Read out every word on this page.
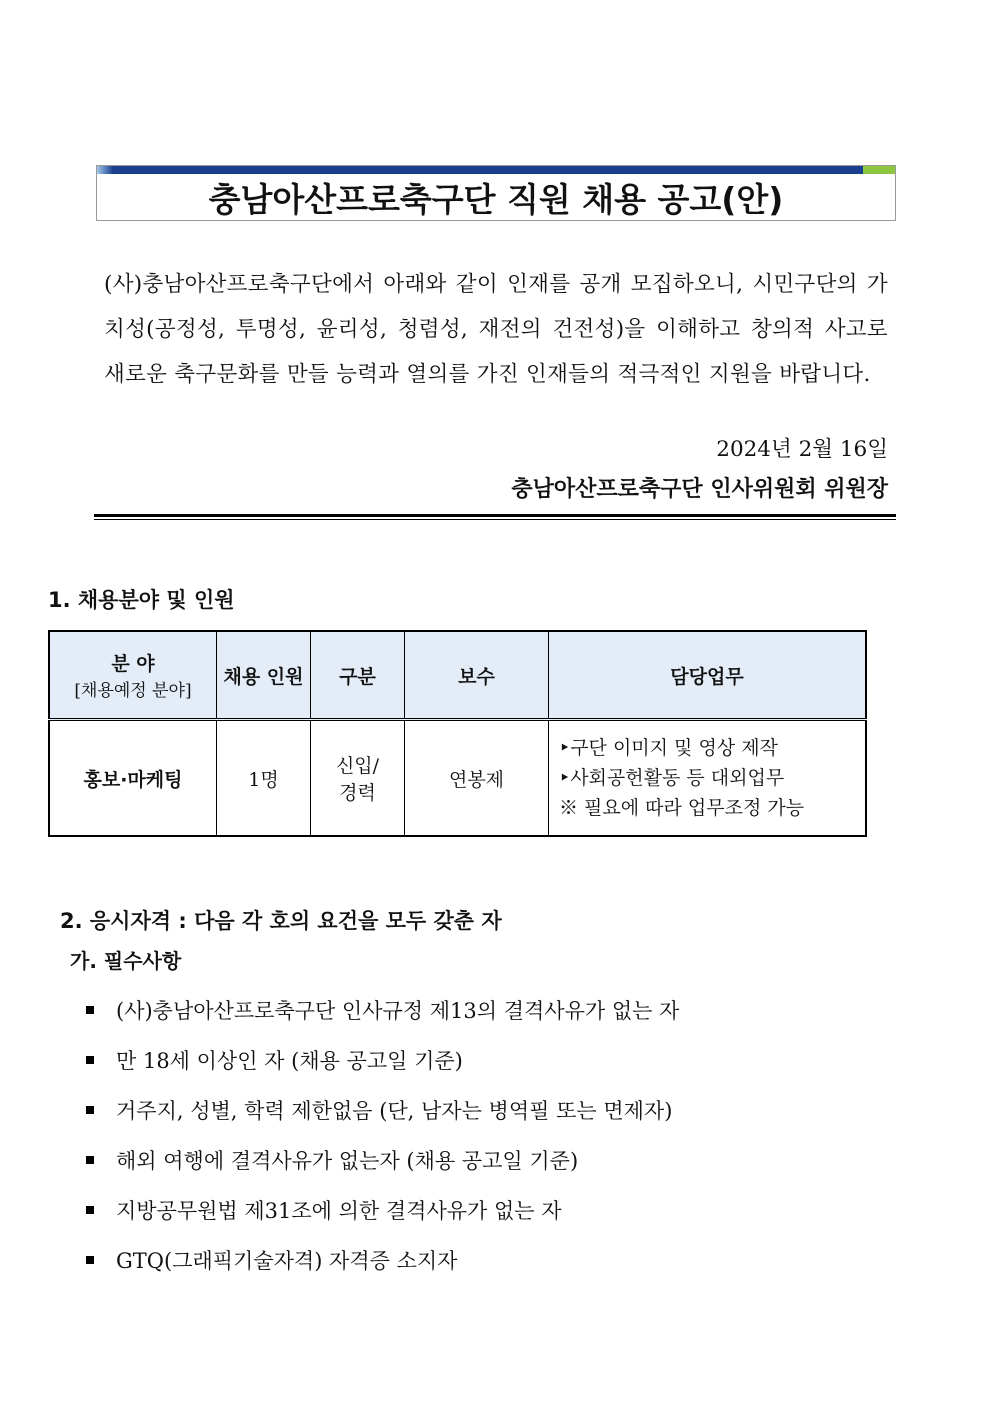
충남아산프로축구단 직원 채용 공고(안)
(사)충남아산프로축구단에서 아래와 같이 인재를 공개 모집하오니, 시민구단의 가치성(공정성, 투명성, 윤리성, 청렴성, 재전의 건전성)을 이해하고 창의적 사고로 새로운 축구문화를 만들 능력과 열의를 가진 인재들의 적극적인 지원을 바랍니다.
2024년 2월 16일
충남아산프로축구단 인사위원회 위원장
1. 채용분야 및 인원
분 야
[채용예정 분야]	채용 인원	구분	보수	담당업무
홍보·마케팅	1명	신입/ 경력	연봉제	‣구단 이미지 및 영상 제작
‣사회공헌활동 등 대외업무
※ 필요에 따라 업무조정 가능
2. 응시자격 : 다음 각 호의 요건을 모두 갖춘 자
가. 필수사항
(사)충남아산프로축구단 인사규정 제13의 결격사유가 없는 자
만 18세 이상인 자 (채용 공고일 기준)
거주지, 성별, 학력 제한없음 (단, 남자는 병역필 또는 면제자)
해외 여행에 결격사유가 없는자 (채용 공고일 기준)
지방공무원법 제31조에 의한 결격사유가 없는 자
GTQ(그래픽기술자격) 자격증 소지자
